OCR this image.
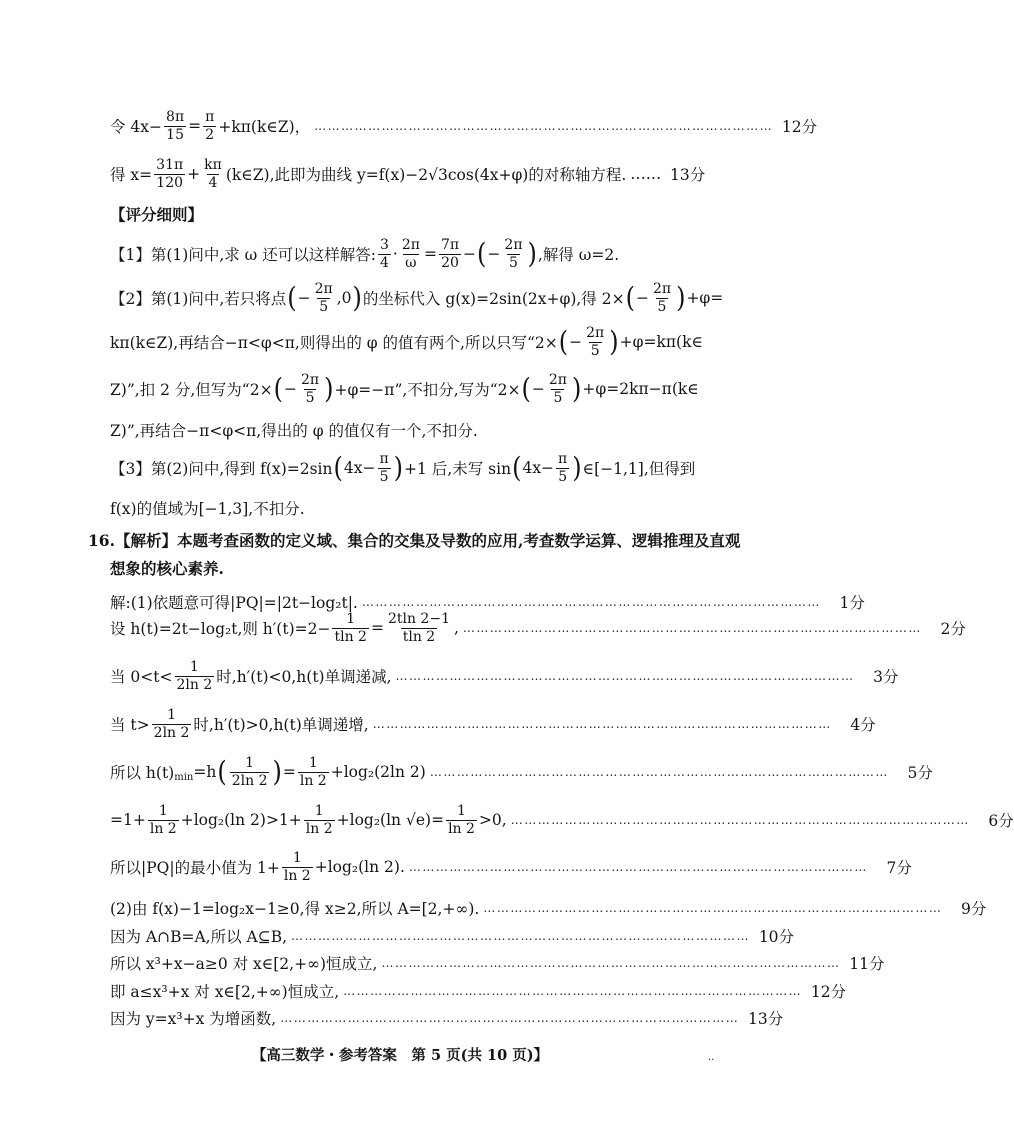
令 $4x- \frac{8\pi}{15} = \frac{\pi}{2}$ +kπ(k∈Z)， ………………………………………………………………………………………… 12分
得 $x= \frac{31\pi}{120} + \frac{k\pi}{4}$ (k∈Z),此即为曲线 y=f(x)−2√3cos(4x+φ)的对称轴方程. …… 13分
【评分细则】
【1】第(1)问中,求 ω 还可以这样解答: $\frac{3}{4} \cdot \frac{2\pi}{\omega} = \frac{7\pi}{20}$ − ( − $\frac{2\pi}{5}$ ) ,解得 ω=2.
【2】第(1)问中,若只将点 ( − $\frac{2\pi}{5} ,0$ ) 的坐标代入 g(x)=2sin(2x+φ),得 2× ( − $\frac{2\pi}{5}$ ) +φ=
kπ(k∈Z),再结合−π<φ<π,则得出的 φ 的值有两个,所以只写“2× ( − $\frac{2\pi}{5}$ ) +φ=kπ(k∈
Z)”,扣 2 分,但写为“2× ( − $\frac{2\pi}{5}$ ) +φ=−π”,不扣分,写为“2× ( − $\frac{2\pi}{5}$ ) +φ=2kπ−π(k∈
Z)”,再结合−π<φ<π,得出的 φ 的值仅有一个,不扣分.
【3】第(2)问中,得到 f(x)=2sin ( $4x- \frac{\pi}{5}$ ) +1 后,未写 sin ( $4x- \frac{\pi}{5}$ ) ∈[−1,1],但得到
f(x)的值域为[−1,3],不扣分.
16.【解析】本题考查函数的定义域、集合的交集及导数的应用,考查数学运算、逻辑推理及直观
想象的核心素养.
解:(1)依题意可得|PQ|=|2t−log₂t|. …………………………………………………………………………………………	1分
设 h(t)=2t−log₂t,则 $h'(t)=2- \frac{1}{tln 2} = \frac{2tln 2-1}{tln 2}$ , …………………………………………………………………………………………	2分
当 $0<t< \frac{1}{2\ln 2}$ 时,h′(t)<0,h(t)单调递减, …………………………………………………………………………………………	3分
当 $t> \frac{1}{2\ln 2}$ 时,h′(t)>0,h(t)单调递增, …………………………………………………………………………………………	4分
所以 h(t) min =h ( $\frac{1}{2\ln 2}$ ) = $\frac{1}{\ln 2} +\log_2(2\ln$ 2) …………………………………………………………………………………………	5分
$=1+ \frac{1}{\ln 2} +\log_2(\ln$ $2)>1+ \frac{1}{\ln 2} +\log_2(\ln$ $√e)= \frac{1}{\ln 2} >0$, …………………………………………………………………………………………	6分
所以|PQ|的最小值为 $1+ \frac{1}{\ln 2} +\log_2(\ln$ 2). …………………………………………………………………………………………	7分
(2)由 f(x)−1=log₂x−1≥0,得 x≥2,所以 A=[2,+∞). …………………………………………………………………………………………	9分
因为 A∩B=A,所以 A⊆B, ………………………………………………………………………………………… 10分
所以 x³+x−a≥0 对 x∈[2,+∞)恒成立, ………………………………………………………………………………………… 11分
即 a≤x³+x 对 x∈[2,+∞)恒成立, ………………………………………………………………………………………… 12分
因为 y=x³+x 为增函数, ………………………………………………………………………………………… 13分
【高三数学・参考答案　第 5 页(共 10 页)】	..
